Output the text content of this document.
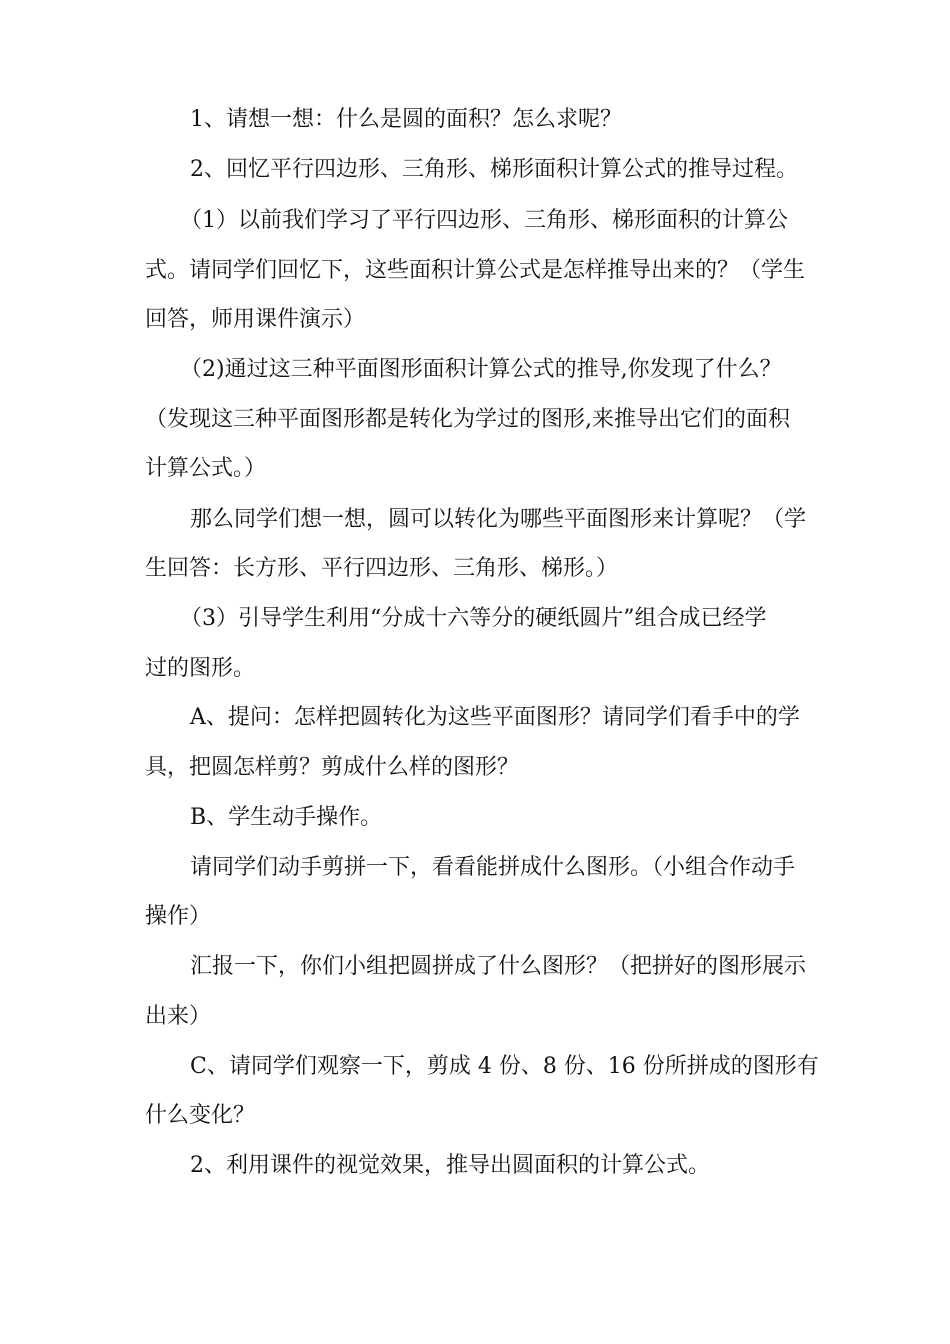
1、请想一想：什么是圆的面积？怎么求呢？
2、回忆平行四边形、三角形、梯形面积计算公式的推导过程。
（1）以前我们学习了平行四边形、三角形、梯形面积的计算公
式。请同学们回忆下，这些面积计算公式是怎样推导出来的？（学生
回答，师用课件演示）
（2)通过这三种平面图形面积计算公式的推导,你发现了什么？
（发现这三种平面图形都是转化为学过的图形,来推导出它们的面积
计算公式。）
那么同学们想一想，圆可以转化为哪些平面图形来计算呢？（学
生回答：长方形、平行四边形、三角形、梯形。）
（3）引导学生利用“分成十六等分的硬纸圆片”组合成已经学
过的图形。
A、提问：怎样把圆转化为这些平面图形？请同学们看手中的学
具，把圆怎样剪？剪成什么样的图形？
B、学生动手操作。
请同学们动手剪拼一下，看看能拼成什么图形。（小组合作动手
操作）
汇报一下，你们小组把圆拼成了什么图形？（把拼好的图形展示
出来）
C、请同学们观察一下，剪成 4 份、8 份、16 份所拼成的图形有
什么变化？
2、利用课件的视觉效果，推导出圆面积的计算公式。
